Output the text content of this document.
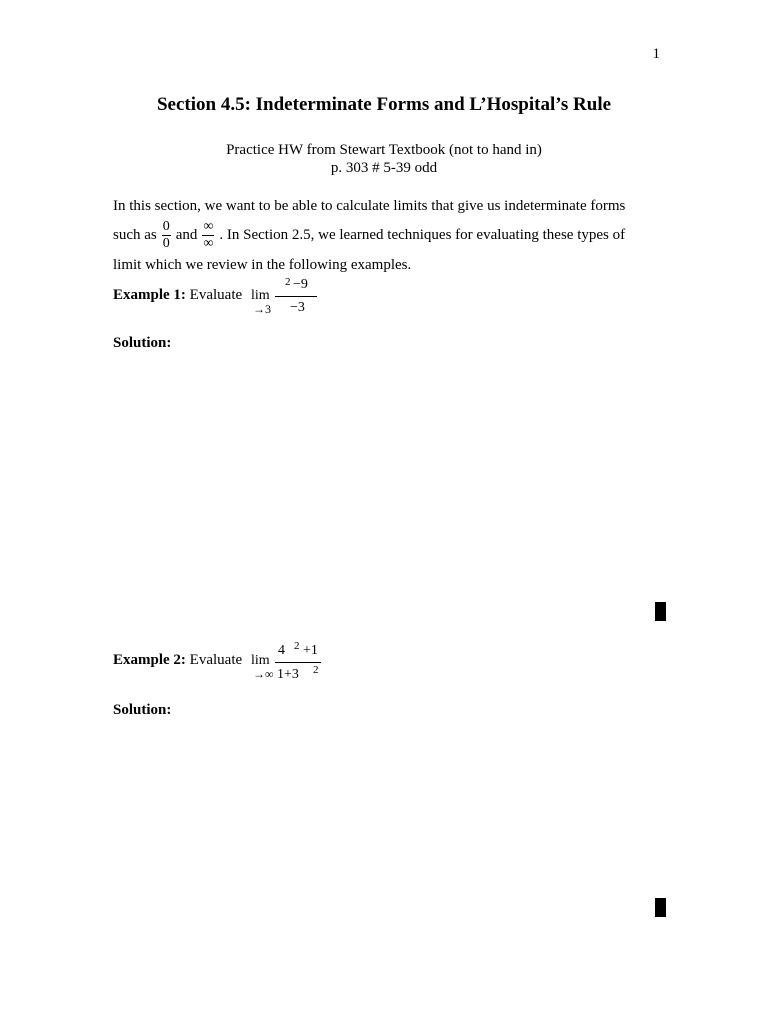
1
Section 4.5: Indeterminate Forms and L’Hospital’s Rule
Practice HW from Stewart Textbook (not to hand in)
p. 303 # 5-39 odd
In this section, we want to be able to calculate limits that give us indeterminate forms
such as $\frac{0}{0}$ and $\frac{\infty}{\infty}$ . In Section 2.5, we learned techniques for evaluating these types of
limit which we review in the following examples.
Example 1: Evaluate lim
→3
2 −9
−3
Solution:
Example 2: Evaluate lim
→∞
4 2 +1
1+3 2
Solution:
